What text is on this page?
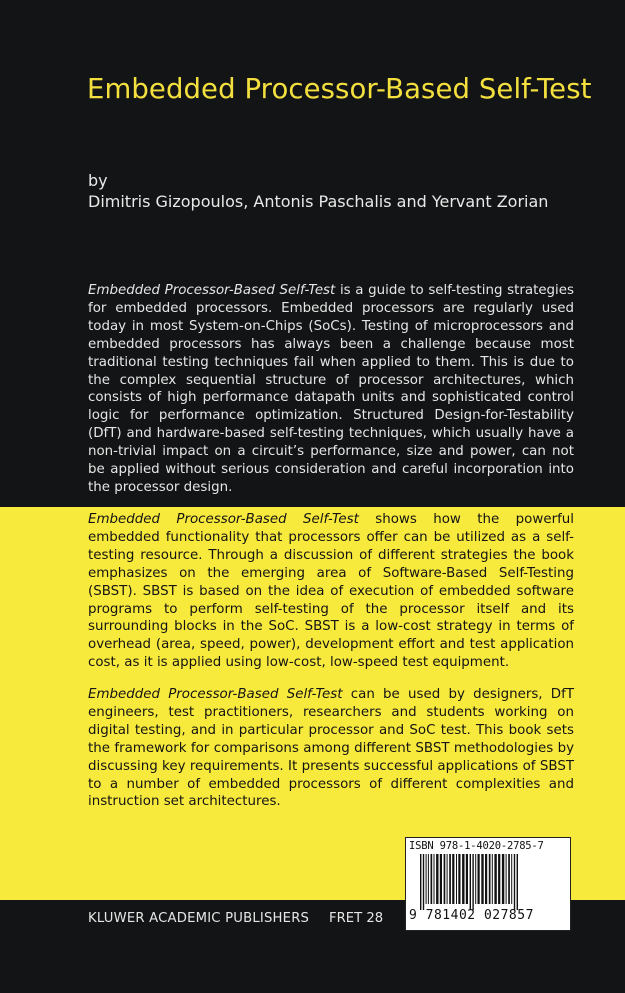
Embedded Processor-Based Self-Test
by
Dimitris Gizopoulos, Antonis Paschalis and Yervant Zorian

Embedded Processor-Based Self-Test is a guide to self-testing strategies for embedded processors. Embedded processors are regularly used today in most System-on-Chips (SoCs). Testing of microprocessors and embedded processors has always been a challenge because most traditional testing techniques fail when applied to them. This is due to the complex sequential structure of processor architectures, which consists of high performance datapath units and sophisticated control logic for performance optimization. Structured Design-for-Testability (DfT) and hardware-based self-testing techniques, which usually have a non-trivial impact on a circuit’s performance, size and power, can not be applied without serious consideration and careful incorporation into the processor design.

Embedded Processor-Based Self-Test shows how the powerful embedded functionality that processors offer can be utilized as a self-testing resource. Through a discussion of different strategies the book emphasizes on the emerging area of Software-Based Self-Testing (SBST). SBST is based on the idea of execution of embedded software programs to perform self-testing of the processor itself and its surrounding blocks in the SoC. SBST is a low-cost strategy in terms of overhead (area, speed, power), development effort and test application cost, as it is applied using low-cost, low-speed test equipment.

Embedded Processor-Based Self-Test can be used by designers, DfT engineers, test practitioners, researchers and students working on digital testing, and in particular processor and SoC test. This book sets the framework for comparisons among different SBST methodologies by discussing key requirements. It presents successful applications of SBST to a number of embedded processors of different complexities and instruction set architectures.

KLUWER ACADEMIC PUBLISHERS FRET 28
ISBN 978-1-4020-2785-7
9 781402 027857
